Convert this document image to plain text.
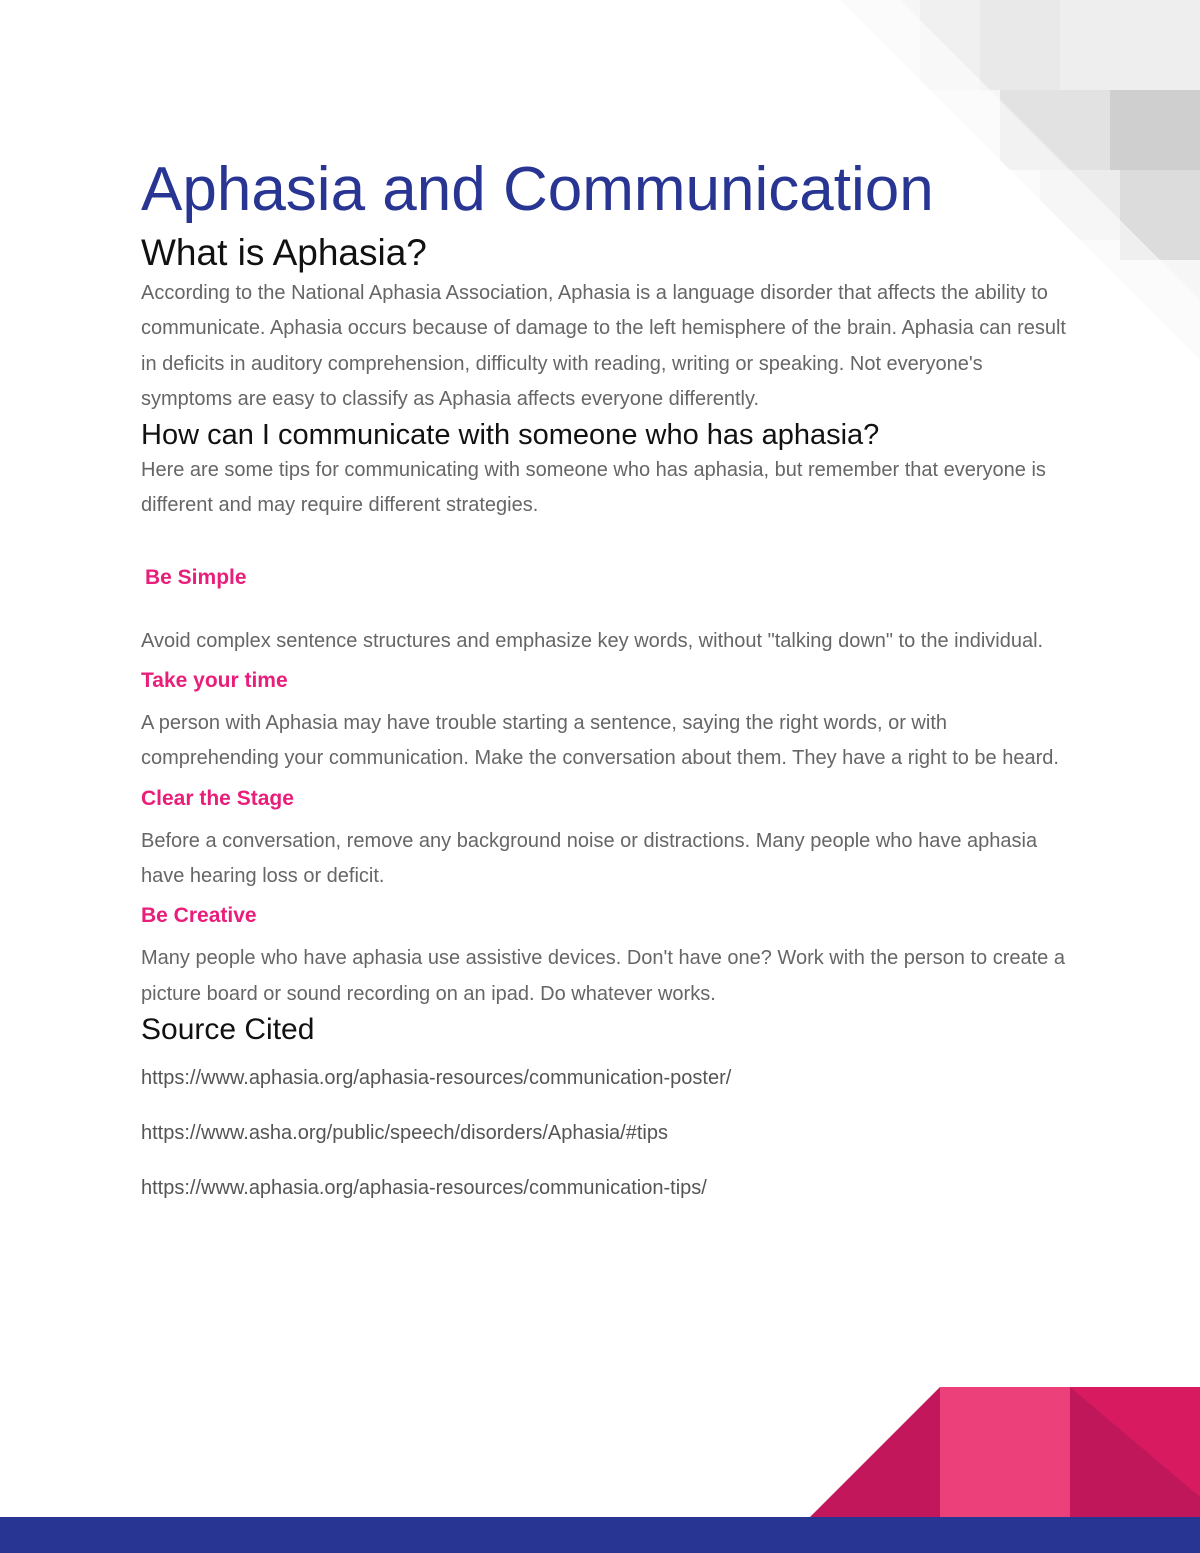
Aphasia and Communication
What is Aphasia?

According to the National Aphasia Association, Aphasia is a language disorder that affects the ability to communicate. Aphasia occurs because of damage to the left hemisphere of the brain. Aphasia can result in deficits in auditory comprehension, difficulty with reading, writing or speaking. Not everyone's symptoms are easy to classify as Aphasia affects everyone differently.

How can I communicate with someone who has aphasia?

Here are some tips for communicating with someone who has aphasia, but remember that everyone is different and may require different strategies.

Be Simple

Avoid complex sentence structures and emphasize key words, without "talking down" to the individual.

Take your time

A person with Aphasia may have trouble starting a sentence, saying the right words, or with comprehending your communication. Make the conversation about them. They have a right to be heard.

Clear the Stage

Before a conversation, remove any background noise or distractions. Many people who have aphasia have hearing loss or deficit.

Be Creative

Many people who have aphasia use assistive devices. Don't have one? Work with the person to create a picture board or sound recording on an ipad. Do whatever works.

Source Cited
https://www.aphasia.org/aphasia-resources/communication-poster/
https://www.asha.org/public/speech/disorders/Aphasia/#tips
https://www.aphasia.org/aphasia-resources/communication-tips/
